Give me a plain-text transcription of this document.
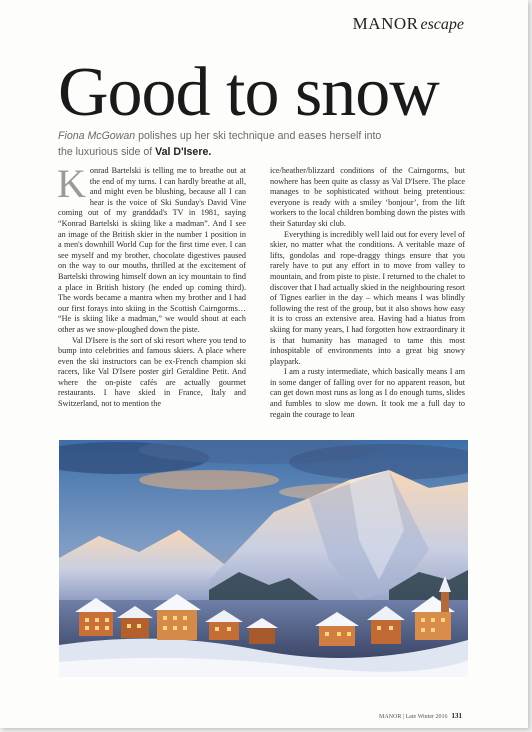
MANOR escape
Good to snow
Fiona McGowan polishes up her ski technique and eases herself into the luxurious side of Val D'Isere.

Konrad Bartelski is telling me to breathe out at the end of my turns. I can hardly breathe at all, and might even be blushing, because all I can hear is the voice of Ski Sunday's David Vine coming out of my granddad's TV in 1981, saying “Konrad Bartelski is skiing like a madman”. And I see an image of the British skier in the number 1 position in a men's downhill World Cup for the first time ever. I can see myself and my brother, chocolate digestives paused on the way to our mouths, thrilled at the excitement of Bartelski throwing himself down an icy mountain to find a place in British history (he ended up coming third). The words became a mantra when my brother and I had our first forays into skiing in the Scottish Cairngorms… “He is skiing like a madman,” we would shout at each other as we snow-ploughed down the piste.

Val D'Isere is the sort of ski resort where you tend to bump into celebrities and famous skiers. A place where even the ski instructors can be ex-French champion ski racers, like Val D'Isere poster girl Geraldine Petit. And where the on-piste cafés are actually gourmet restaurants. I have skied in France, Italy and Switzerland, not to mention the

ice/heather/blizzard conditions of the Cairngorms, but nowhere has been quite as classy as Val D'Isere. The place manages to be sophisticated without being pretentious: everyone is ready with a smiley ‘bonjour’, from the lift workers to the local children bombing down the pistes with their Saturday ski club.

Everything is incredibly well laid out for every level of skier, no matter what the conditions. A veritable maze of lifts, gondolas and rope-draggy things ensure that you rarely have to put any effort in to move from valley to mountain, and from piste to piste. I returned to the chalet to discover that I had actually skied in the neighbouring resort of Tignes earlier in the day – which means I was blindly following the rest of the group, but it also shows how easy it is to cross an extensive area. Having had a hiatus from skiing for many years, I had forgotten how extraordinary it is that humanity has managed to tame this most inhospitable of environments into a great big snowy playpark.

I am a rusty intermediate, which basically means I am in some danger of falling over for no apparent reason, but can get down most runs as long as I do enough turns, slides and fumbles to slow me down. It took me a full day to regain the courage to lean

MANOR | Late Winter 2016 131
